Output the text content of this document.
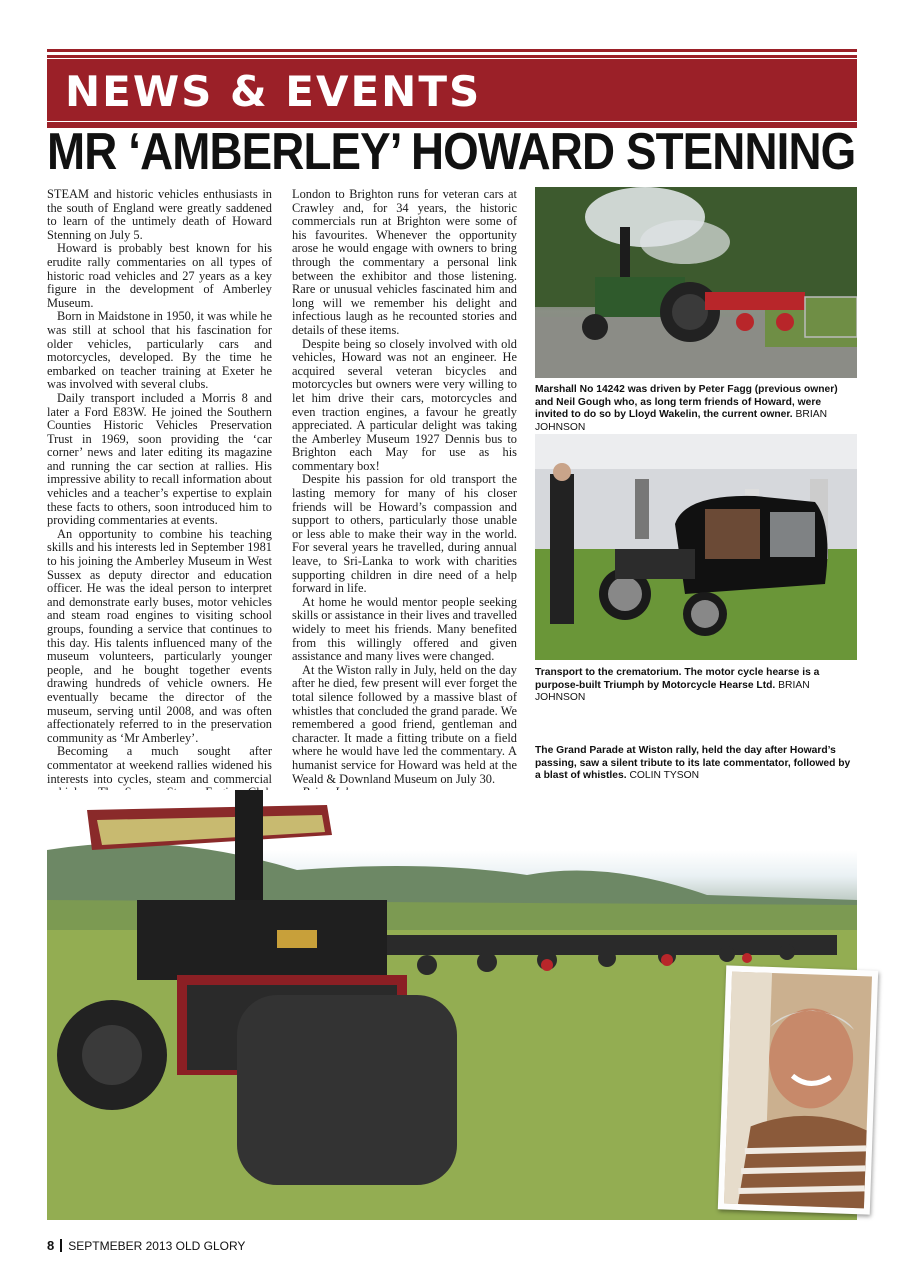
NEWS & EVENTS
MR ‘AMBERLEY’ HOWARD STENNING

STEAM and historic vehicles enthusiasts in the south of England were greatly saddened to learn of the untimely death of Howard Stenning on July 5.

Howard is probably best known for his erudite rally commentaries on all types of historic road vehicles and 27 years as a key figure in the development of Amberley Museum.

Born in Maidstone in 1950, it was while he was still at school that his fascination for older vehicles, particularly cars and motorcycles, developed. By the time he embarked on teacher training at Exeter he was involved with several clubs.

Daily transport included a Morris 8 and later a Ford E83W. He joined the Southern Counties Historic Vehicles Preservation Trust in 1969, soon providing the ‘car corner’ news and later editing its magazine and running the car section at rallies. His impressive ability to recall information about vehicles and a teacher’s expertise to explain these facts to others, soon introduced him to providing commentaries at events.

An opportunity to combine his teaching skills and his interests led in September 1981 to his joining the Amberley Museum in West Sussex as deputy director and education officer. He was the ideal person to interpret and demonstrate early buses, motor vehicles and steam road engines to visiting school groups, founding a service that continues to this day. His talents influenced many of the museum volunteers, particularly younger people, and he bought together events drawing hundreds of vehicle owners. He eventually became the director of the museum, serving until 2008, and was often affectionately referred to in the preservation community as ‘Mr Amberley’.

Becoming a much sought after commentator at weekend rallies widened his interests into cycles, steam and commercial

London to Brighton runs for veteran cars at Crawley and, for 34 years, the historic commercials run at Brighton were some of his favourites. Whenever the opportunity arose he would engage with owners to bring through the commentary a personal link between the exhibitor and those listening. Rare or unusual vehicles fascinated him and long will we remember his delight and infectious laugh as he recounted stories and details of these items.

Despite being so closely involved with old vehicles, Howard was not an engineer. He acquired several veteran bicycles and motorcycles but owners were very willing to let him drive their cars, motorcycles and even traction engines, a favour he greatly appreciated. A particular delight was taking the Amberley Museum 1927 Dennis bus to Brighton each May for use as his commentary box!

Despite his passion for old transport the lasting memory for many of his closer friends will be Howard’s compassion and support to others, particularly those unable or less able to make their way in the world. For several years he travelled, during annual leave, to Sri-Lanka to work with charities supporting children in dire need of a help forward in life.

At home he would mentor people seeking skills or assistance in their lives and travelled widely to meet his friends. Many benefited from this willingly offered and given assistance and many lives were changed.

At the Wiston rally in July, held on the day after he died, few present will ever forget the total silence followed by a massive blast of whistles that concluded the grand parade. We remembered a good friend, gentleman and character. It made a fitting tribute on a field where he would have led the commentary. A humanist service for Howard was held at the Weald & Downland Museum on July 30.

Marshall No 14242 was driven by Peter Fagg (previous owner) and Neil Gough who, as long term friends of Howard, were invited to do so by Lloyd Wakelin, the current owner. BRIAN JOHNSON
Transport to the crematorium. The motor cycle hearse is a purpose-built Triumph by Motorcycle Hearse Ltd. BRIAN JOHNSON
The Grand Parade at Wiston rally, held the day after Howard’s passing, saw a silent tribute to its late commentator, followed by a blast of whistles. COLIN TYSON
8 SEPTMEBER 2013 OLD GLORY
